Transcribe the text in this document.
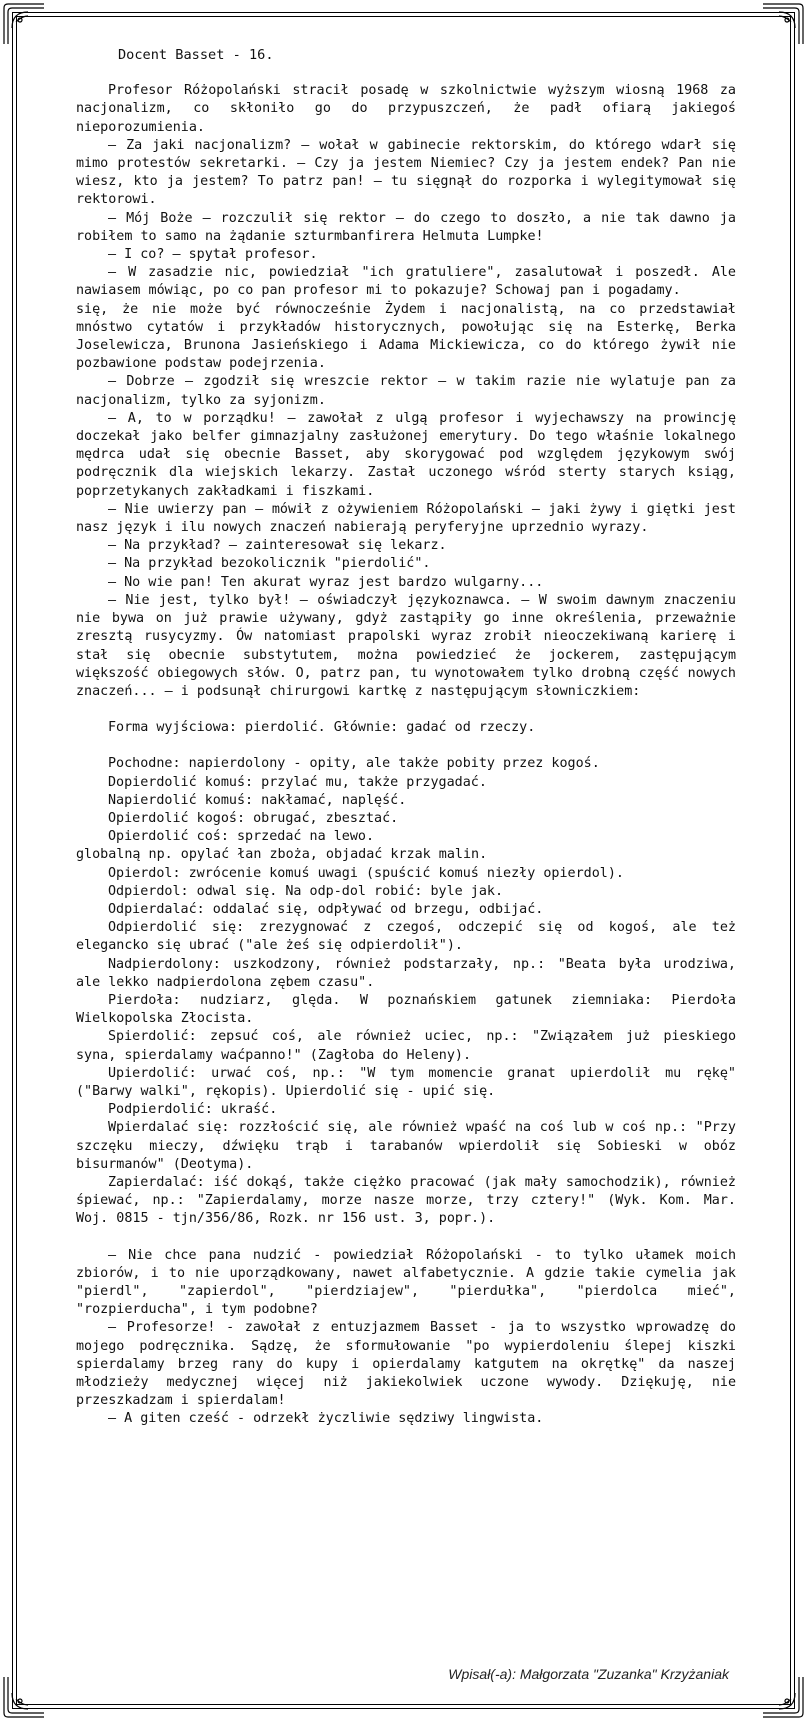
Docent Basset - 16.

Profesor Różopolański stracił posadę w szkolnictwie wyższym wiosną 1968 za nacjonalizm, co skłoniło go do przypuszczeń, że padł ofiarą jakiegoś nieporozumienia.

– Za jaki nacjonalizm? – wołał w gabinecie rektorskim, do którego wdarł się mimo protestów sekretarki. – Czy ja jestem Niemiec? Czy ja jestem endek? Pan nie wiesz, kto ja jestem? To patrz pan! – tu sięgnął do rozporka i wylegitymował się rektorowi.

– Mój Boże – rozczulił się rektor – do czego to doszło, a nie tak dawno ja robiłem to samo na żądanie szturmbanfirera Helmuta Lumpke!

– I co? – spytał profesor.

– W zasadzie nic, powiedział "ich gratuliere", zasalutował i poszedł. Ale nawiasem mówiąc, po co pan profesor mi to pokazuje? Schowaj pan i pogadamy.

się, że nie może być równocześnie Żydem i nacjonalistą, na co przedstawiał mnóstwo cytatów i przykładów historycznych, powołując się na Esterkę, Berka Joselewicza, Brunona Jasieńskiego i Adama Mickiewicza, co do którego żywił nie pozbawione podstaw podejrzenia.

– Dobrze – zgodził się wreszcie rektor – w takim razie nie wylatuje pan za nacjonalizm, tylko za syjonizm.

– A, to w porządku! – zawołał z ulgą profesor i wyjechawszy na prowincję doczekał jako belfer gimnazjalny zasłużonej emerytury. Do tego właśnie lokalnego mędrca udał się obecnie Basset, aby skorygować pod względem językowym swój podręcznik dla wiejskich lekarzy. Zastał uczonego wśród sterty starych ksiąg, poprzetykanych zakładkami i fiszkami.

– Nie uwierzy pan – mówił z ożywieniem Różopolański – jaki żywy i giętki jest nasz język i ilu nowych znaczeń nabierają peryferyjne uprzednio wyrazy.

– Na przykład? – zainteresował się lekarz.

– Na przykład bezokolicznik "pierdolić".

– No wie pan! Ten akurat wyraz jest bardzo wulgarny...

– Nie jest, tylko był! – oświadczył językoznawca. – W swoim dawnym znaczeniu nie bywa on już prawie używany, gdyż zastąpiły go inne określenia, przeważnie zresztą rusycyzmy. Ów natomiast prapolski wyraz zrobił nieoczekiwaną karierę i stał się obecnie substytutem, można powiedzieć że jockerem, zastępującym większość obiegowych słów. O, patrz pan, tu wynotowałem tylko drobną część nowych znaczeń... – i podsunął chirurgowi kartkę z następującym słowniczkiem:

Forma wyjściowa: pierdolić. Głównie: gadać od rzeczy.

Pochodne: napierdolony - opity, ale także pobity przez kogoś.

Dopierdolić komuś: przylać mu, także przygadać.

Napierdolić komuś: nakłamać, naplęść.

Opierdolić kogoś: obrugać, zbesztać.

Opierdolić coś: sprzedać na lewo.

globalną np. opylać łan zboża, objadać krzak malin.

Opierdol: zwrócenie komuś uwagi (spuścić komuś niezły opierdol).

Odpierdol: odwal się. Na odp-dol robić: byle jak.

Odpierdalać: oddalać się, odpływać od brzegu, odbijać.

Odpierdolić się: zrezygnować z czegoś, odczepić się od kogoś, ale też elegancko się ubrać ("ale żeś się odpierdolił").

Nadpierdolony: uszkodzony, również podstarzały, np.: "Beata była urodziwa, ale lekko nadpierdolona zębem czasu".

Pierdoła: nudziarz, ględa. W poznańskiem gatunek ziemniaka: Pierdoła Wielkopolska Złocista.

Spierdolić: zepsuć coś, ale również uciec, np.: "Związałem już pieskiego syna, spierdalamy waćpanno!" (Zagłoba do Heleny).

Upierdolić: urwać coś, np.: "W tym momencie granat upierdolił mu rękę" ("Barwy walki", rękopis). Upierdolić się - upić się.

Podpierdolić: ukraść.

Wpierdalać się: rozzłościć się, ale również wpaść na coś lub w coś np.: "Przy szczęku mieczy, dźwięku trąb i tarabanów wpierdolił się Sobieski w obóz bisurmanów" (Deotyma).

Zapierdalać: iść dokąś, także ciężko pracować (jak mały samochodzik), również śpiewać, np.: "Zapierdalamy, morze nasze morze, trzy cztery!" (Wyk. Kom. Mar. Woj. 0815 - tjn/356/86, Rozk. nr 156 ust. 3, popr.).

– Nie chce pana nudzić - powiedział Różopolański - to tylko ułamek moich zbiorów, i to nie uporządkowany, nawet alfabetycznie. A gdzie takie cymelia jak "pierdl", "zapierdol", "pierdziajew", "pierdułka", "pierdolca mieć", "rozpierducha", i tym podobne?

– Profesorze! - zawołał z entuzjazmem Basset - ja to wszystko wprowadzę do mojego podręcznika. Sądzę, że sformułowanie "po wypierdoleniu ślepej kiszki spierdalamy brzeg rany do kupy i opierdalamy katgutem na okrętkę" da naszej młodzieży medycznej więcej niż jakiekolwiek uczone wywody. Dziękuję, nie przeszkadzam i spierdalam!

– A giten cześć - odrzekł życzliwie sędziwy lingwista.

Wpisał(-a): Małgorzata "Zuzanka" Krzyżaniak
